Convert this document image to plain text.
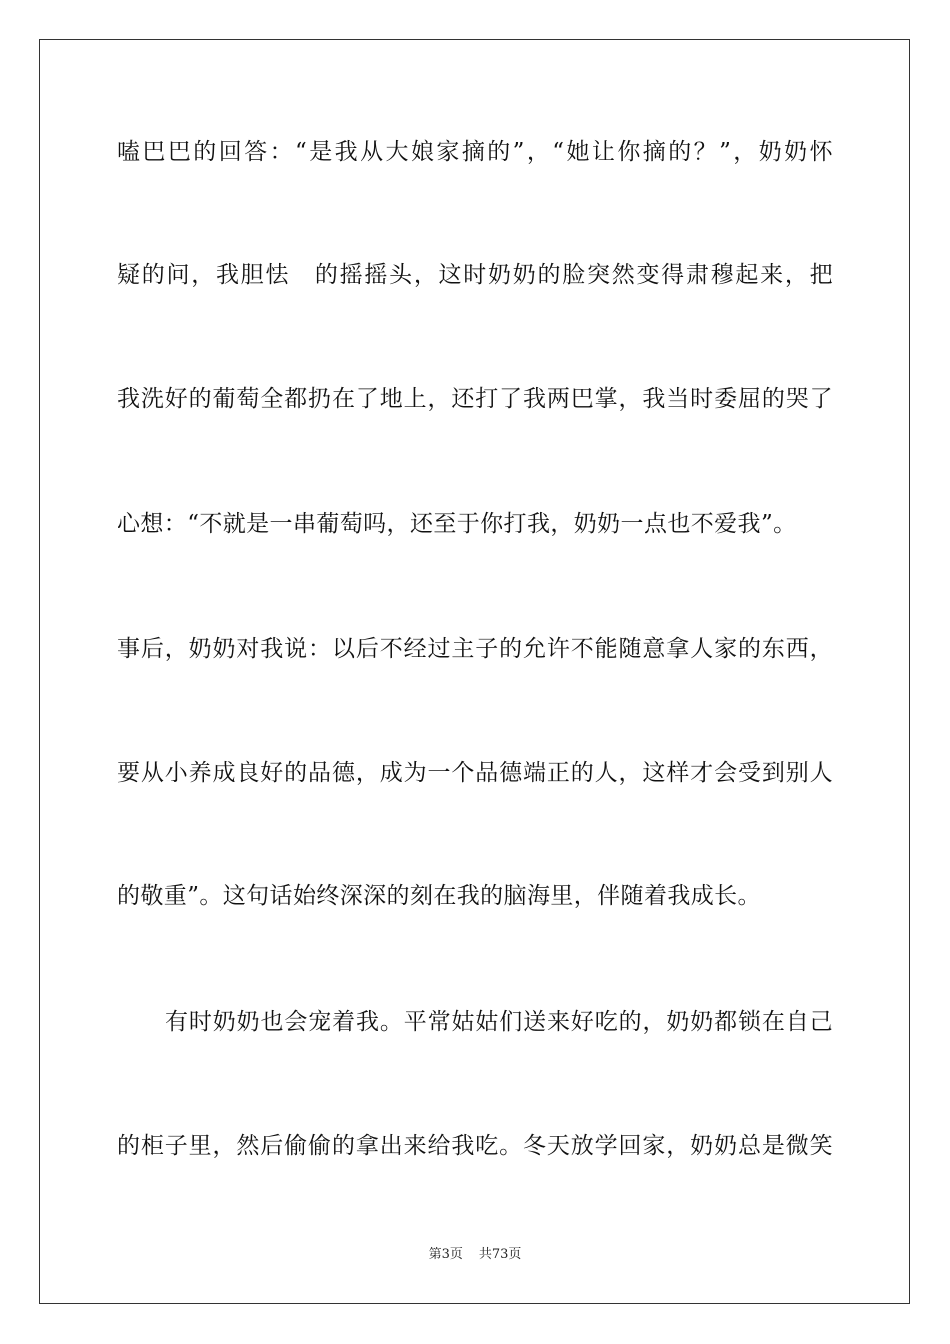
嗑巴巴的回答：“是我从大娘家摘的”，“她让你摘的？”，奶奶怀
疑的问，我胆怯　的摇摇头，这时奶奶的脸突然变得肃穆起来，把
我洗好的葡萄全都扔在了地上，还打了我两巴掌，我当时委屈的哭了
心想：“不就是一串葡萄吗，还至于你打我，奶奶一点也不爱我”。
事后，奶奶对我说：以后不经过主子的允许不能随意拿人家的东西，
要从小养成良好的品德，成为一个品德端正的人，这样才会受到别人
的敬重”。这句话始终深深的刻在我的脑海里，伴随着我成长。
有时奶奶也会宠着我。平常姑姑们送来好吃的，奶奶都锁在自己
的柜子里，然后偷偷的拿出来给我吃。冬天放学回家，奶奶总是微笑
第3页 共73页
